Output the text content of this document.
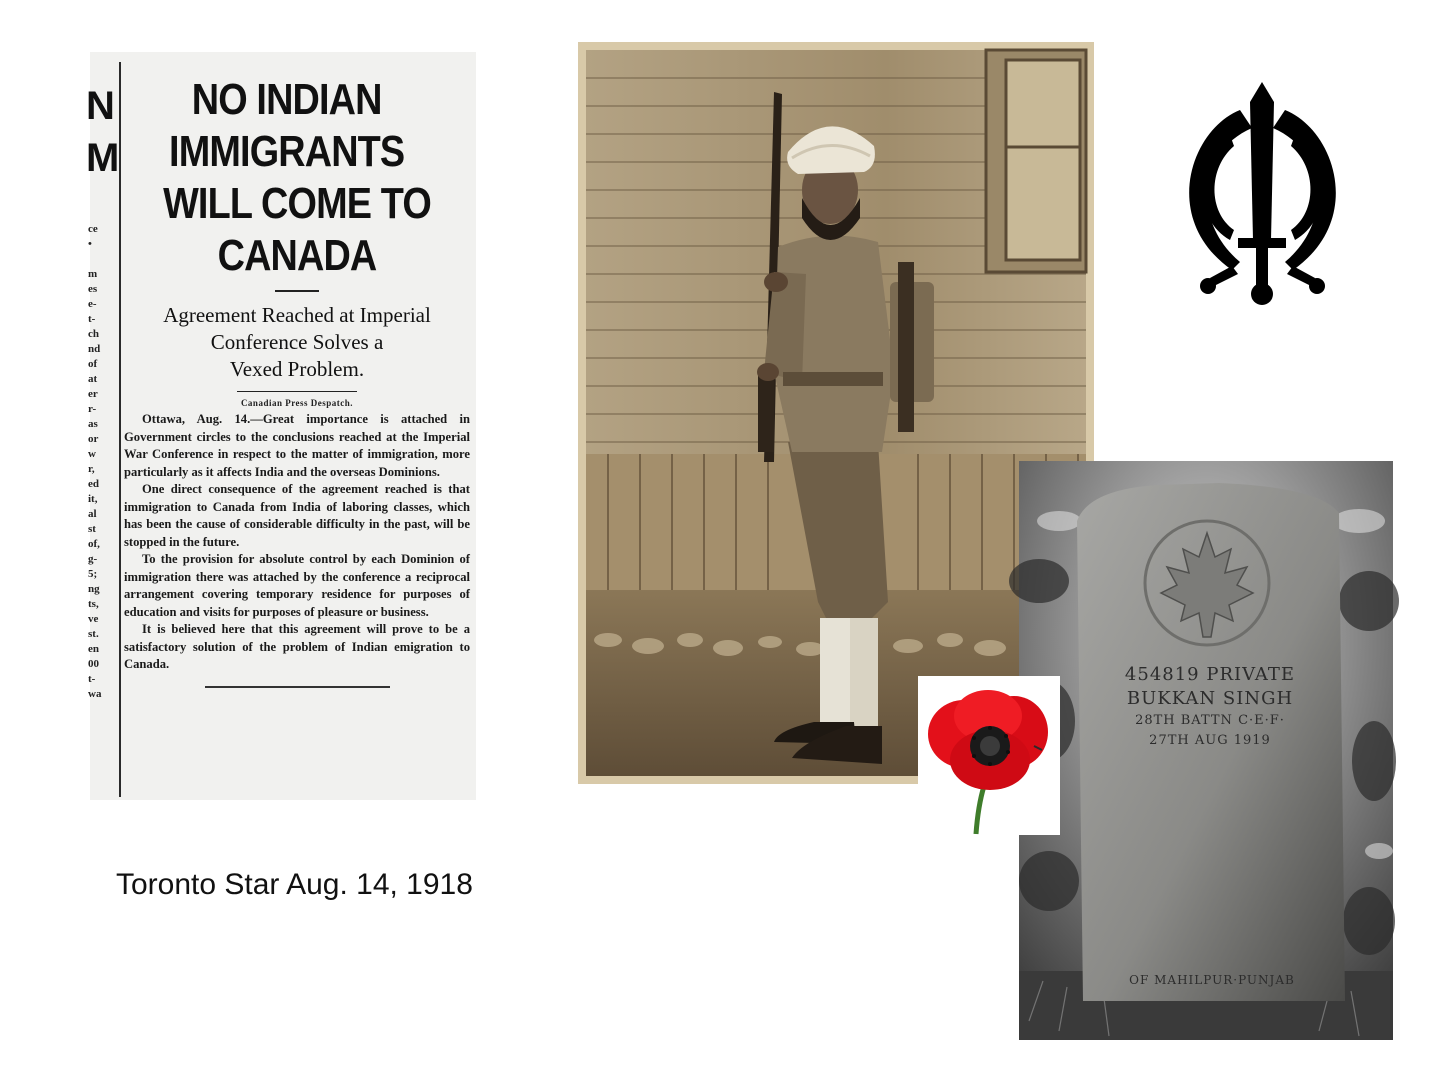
N
M
ce
•

m
es
e-
t-
ch
nd
of
at
er
r-
as
or
w
r,
ed
it,
al
st
of,
g-
5;
ng
ts,
ve
st.
en
00
t-
wa
NO INDIAN IMMIGRANTS
WILL COME TO CANADA
Agreement Reached at Imperial
Conference Solves a
Vexed Problem.
Canadian Press Despatch.

Ottawa, Aug. 14.—Great importance is attached in Government circles to the conclusions reached at the Imperial War Conference in respect to the matter of immigration, more particularly as it affects India and the overseas Dominions.

One direct consequence of the agreement reached is that immigration to Canada from India of laboring classes, which has been the cause of considerable difficulty in the past, will be stopped in the future.

To the provision for absolute control by each Dominion of immigration there was attached by the conference a reciprocal arrangement covering temporary residence for purposes of education and visits for purposes of pleasure or business.

It is believed here that this agreement will prove to be a satisfactory solution of the problem of Indian emigration to Canada.

Toronto Star Aug. 14, 1918
454819 PRIVATE
BUKKAN SINGH
28TH BATTN C·E·F·
27TH AUG 1919
OF MAHILPUR·PUNJAB
